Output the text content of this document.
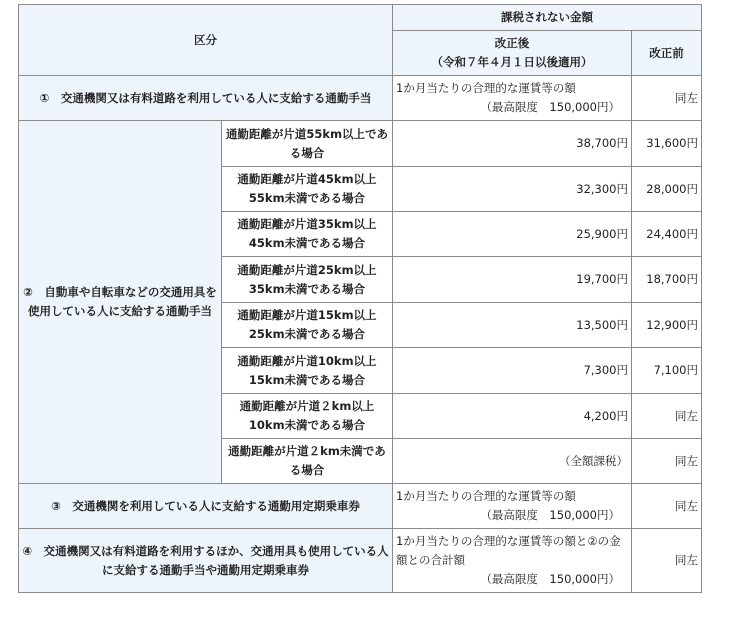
区分		課税されない金額	
		改正後
（令和７年４月１日以後適用）	改正前
①　交通機関又は有料道路を利用している人に支給する通勤手当		1か月当たりの合理的な運賃等の額
（最高限度　150,000円）	同左
②　自動車や自転車などの交通用具を使用している人に支給する通勤手当	通勤距離が片道55km以上である場合	38,700円	31,600円
	通勤距離が片道45km以上55km未満である場合	32,300円	28,000円
	通勤距離が片道35km以上45km未満である場合	25,900円	24,400円
	通勤距離が片道25km以上35km未満である場合	19,700円	18,700円
	通勤距離が片道15km以上25km未満である場合	13,500円	12,900円
	通勤距離が片道10km以上15km未満である場合	7,300円	7,100円
	通勤距離が片道２km以上10km未満である場合	4,200円	同左
	通勤距離が片道２km未満である場合	（全額課税）	同左
③　交通機関を利用している人に支給する通勤用定期乗車券		1か月当たりの合理的な運賃等の額
（最高限度　150,000円）	同左
④　交通機関又は有料道路を利用するほか、交通用具も使用している人に支給する通勤手当や通勤用定期乗車券		1か月当たりの合理的な運賃等の額と②の金額との合計額
（最高限度　150,000円）	同左
